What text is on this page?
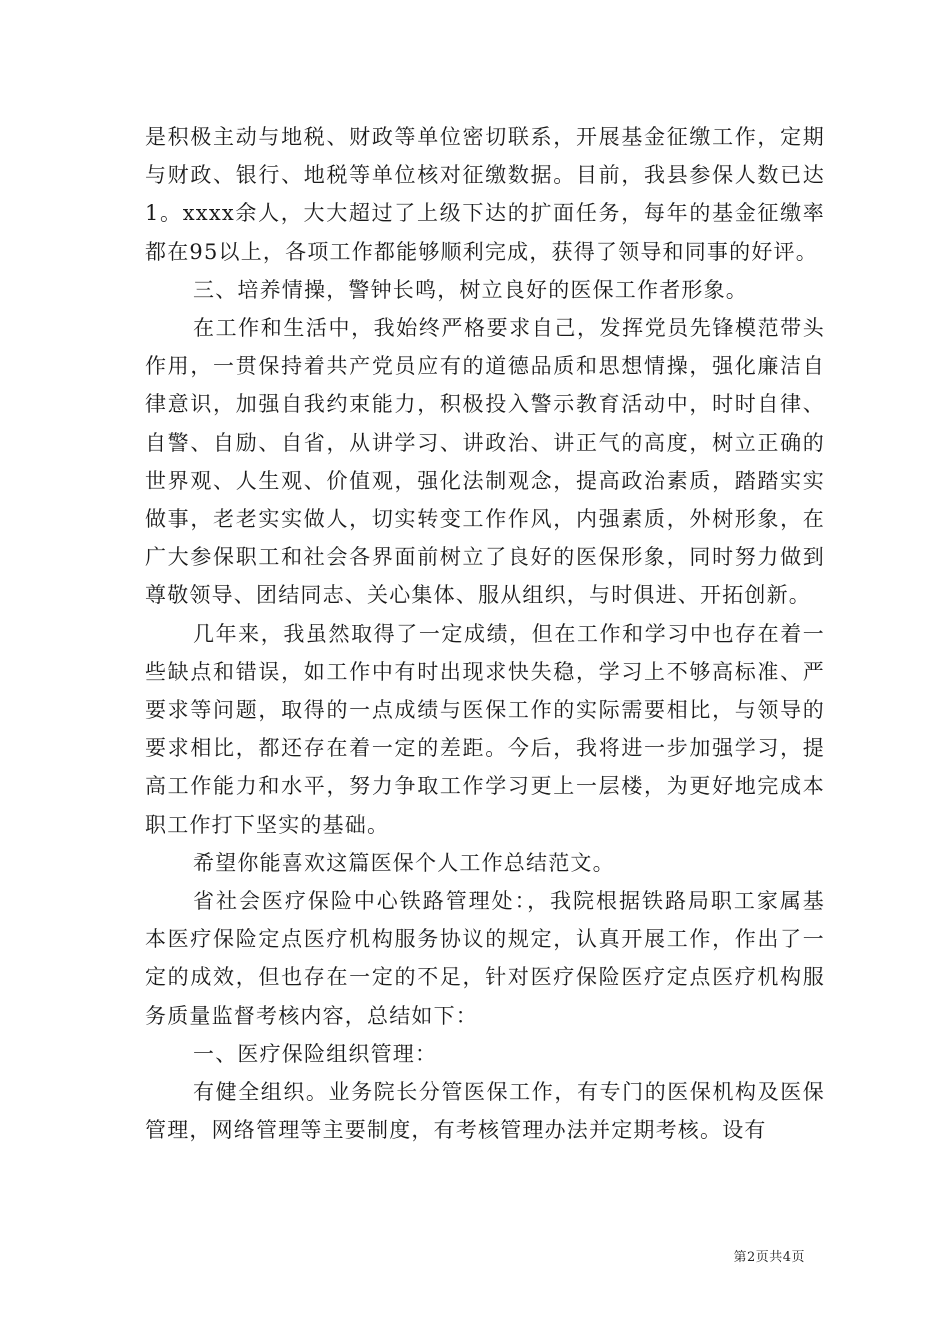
是积极主动与地税、财政等单位密切联系，开展基金征缴工作，定期与财政、银行、地税等单位核对征缴数据。目前，我县参保人数已达1。xxxx余人，大大超过了上级下达的扩面任务，每年的基金征缴率都在95以上，各项工作都能够顺利完成，获得了领导和同事的好评。

三、培养情操，警钟长鸣，树立良好的医保工作者形象。

在工作和生活中，我始终严格要求自己，发挥党员先锋模范带头作用，一贯保持着共产党员应有的道德品质和思想情操，强化廉洁自律意识，加强自我约束能力，积极投入警示教育活动中，时时自律、自警、自励、自省，从讲学习、讲政治、讲正气的高度，树立正确的世界观、人生观、价值观，强化法制观念，提高政治素质，踏踏实实做事，老老实实做人，切实转变工作作风，内强素质，外树形象，在广大参保职工和社会各界面前树立了良好的医保形象，同时努力做到尊敬领导、团结同志、关心集体、服从组织，与时俱进、开拓创新。

几年来，我虽然取得了一定成绩，但在工作和学习中也存在着一些缺点和错误，如工作中有时出现求快失稳，学习上不够高标准、严要求等问题，取得的一点成绩与医保工作的实际需要相比，与领导的要求相比，都还存在着一定的差距。今后，我将进一步加强学习，提高工作能力和水平，努力争取工作学习更上一层楼，为更好地完成本职工作打下坚实的基础。

希望你能喜欢这篇医保个人工作总结范文。

省社会医疗保险中心铁路管理处：，我院根据铁路局职工家属基本医疗保险定点医疗机构服务协议的规定，认真开展工作，作出了一定的成效，但也存在一定的不足，针对医疗保险医疗定点医疗机构服务质量监督考核内容，总结如下：

一、医疗保险组织管理：

有健全组织。业务院长分管医保工作，有专门的医保机构及医保管理，网络管理等主要制度，有考核管理办法并定期考核。设有

第2页共4页
